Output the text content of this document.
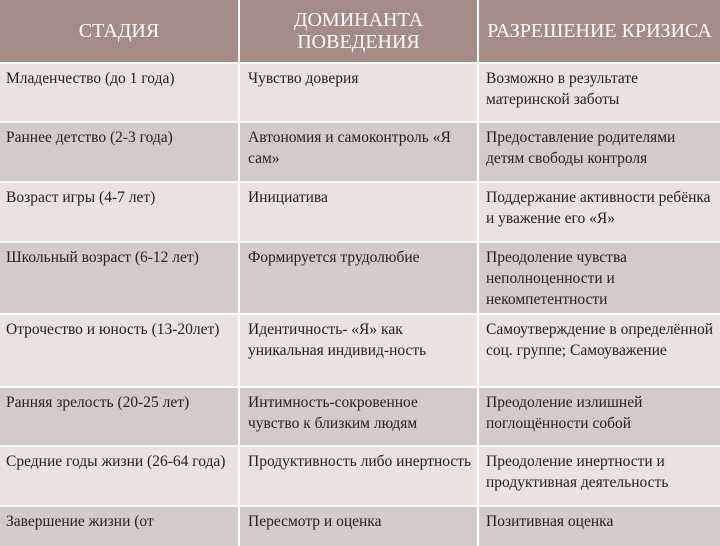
СТАДИЯ	ДОМИНАНТА ПОВЕДЕНИЯ	РАЗРЕШЕНИЕ КРИЗИСА
Младенчество (до 1 года)	Чувство доверия	Возможно в результате материнской заботы
Раннее детство (2-3 года)	Автономия и самоконтроль «Я сам»	Предоставление родителями детям свободы контроля
Возраст игры (4-7 лет)	Инициатива	Поддержание активности ребёнка и уважение его «Я»
Школьный возраст (6-12 лет)	Формируется трудолюбие	Преодоление чувства неполноценности и некомпетентности
Отрочество и юность (13-20лет)	Идентичность- «Я» как уникальная индивид-ность	Самоутверждение в определённой соц. группе; Самоуважение
Ранняя зрелость (20-25 лет)	Интимность-сокровенное чувство к близким людям	Преодоление излишней поглощённости собой
Средние годы жизни (26-64 года)	Продуктивность либо инертность	Преодоление инертности и продуктивная деятельность
Завершение жизни (от	Пересмотр и оценка	Позитивная оценка
